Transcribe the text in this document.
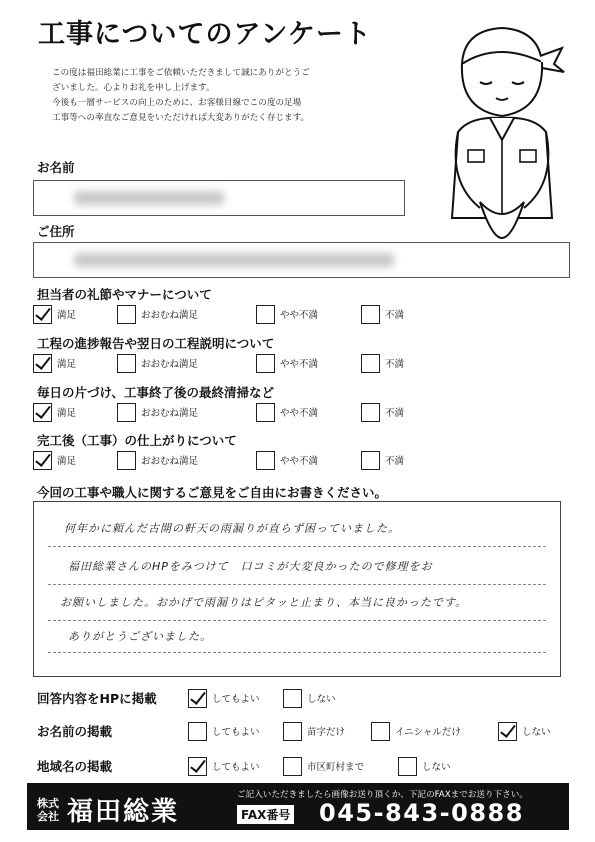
工事についてのアンケート
この度は福田総業に工事をご依頼いただきまして誠にありがとうご
ざいました。心よりお礼を申し上げます。
今後も一層サービスの向上のために、お客様目線でこの度の足場
工事等への率直なご意見をいただければ大変ありがたく存じます。
お名前
ご住所
担当者の礼節やマナーについて
満足	おおむね満足	やや不満	不満
工程の進捗報告や翌日の工程説明について
満足	おおむね満足	やや不満	不満
毎日の片づけ、工事終了後の最終清掃など
満足	おおむね満足	やや不満	不満
完工後（工事）の仕上がりについて
満足	おおむね満足	やや不満	不満
今回の工事や職人に関するご意見をご自由にお書きください。
何年かに頼んだ古開の軒天の雨漏りが直らず困っていました。
福田総業さんのHPをみつけて　口コミが大変良かったので修理をお
お願いしました。おかげで雨漏りはピタッと止まり、本当に良かったです。
ありがとうございました。
回答内容をHPに掲載	してもよい	しない
お名前の掲載	してもよい	苗字だけ	イニシャルだけ	しない
地域名の掲載	してもよい	市区町村まで	しない
株式
会社 福田総業
ご記入いただきましたら画像お送り頂くか、下記のFAXまでお送り下さい。
FAX番号 045-843-0888
